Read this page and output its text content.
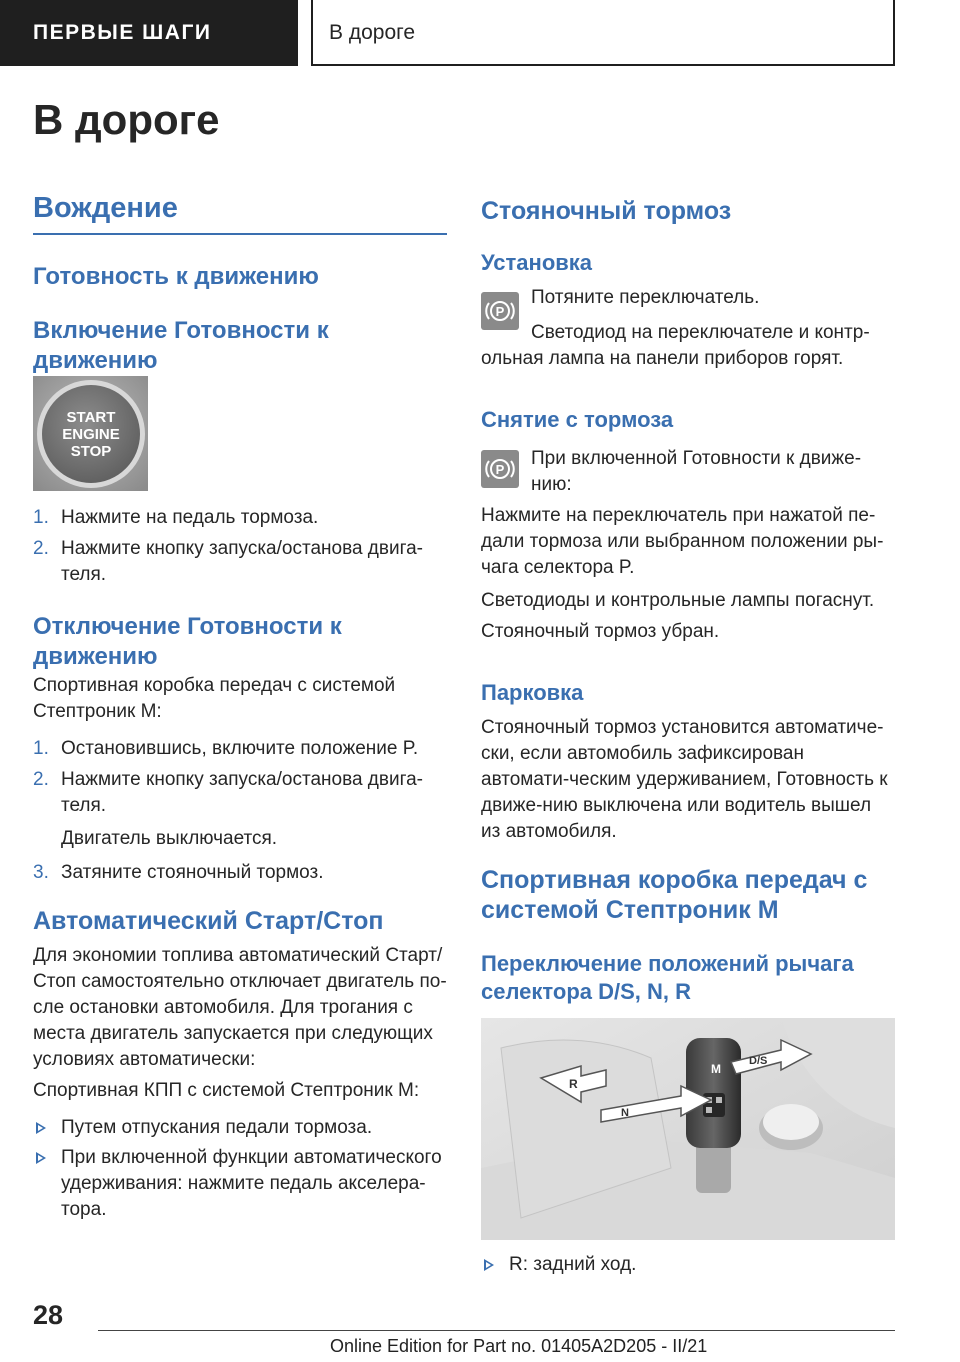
ПЕРВЫЕ ШАГИ	В дороге
В дороге
Вождение
Готовность к движению
Включение Готовности к движению
START
ENGINE
STOP
1. Нажмите на педаль тормоза.
2. Нажмите кнопку запуска/останова двига-теля.
Отключение Готовности к движению
Спортивная коробка передач с системой Стептроник M:
1. Остановившись, включите положение P.
2. Нажмите кнопку запуска/останова двига-теля.
Двигатель выключается.
3. Затяните стояночный тормоз.
Автоматический Старт/Стоп
Для экономии топлива автоматический Старт/Стоп самостоятельно отключает двигатель по-сле остановки автомобиля. Для трогания с места двигатель запускается при следующих условиях автоматически:
Спортивная КПП с системой Стептроник M:
Путем отпускания педали тормоза.
При включенной функции автоматического удерживания: нажмите педаль акселера-тора.
Стояночный тормоз
Установка
P
Потяните переключатель.
Светодиод на переключателе и контр-ольная лампа на панели приборов горят.
Снятие с тормоза
P
При включенной Готовности к движе-нию:
Нажмите на переключатель при нажатой пе-дали тормоза или выбранном положении ры-чага селектора P.
Светодиоды и контрольные лампы погаснут.
Стояночный тормоз убран.
Парковка
Стояночный тормоз установится автоматиче-ски, если автомобиль зафиксирован автомати-ческим удерживанием, Готовность к движе-нию выключена или водитель вышел из автомобиля.
Спортивная коробка передач с системой Стептроник M
Переключение положений рычага селектора D/S, N, R
M
R
N
D/S
R: задний ход.
28
Online Edition for Part no. 01405A2D205 - II/21
